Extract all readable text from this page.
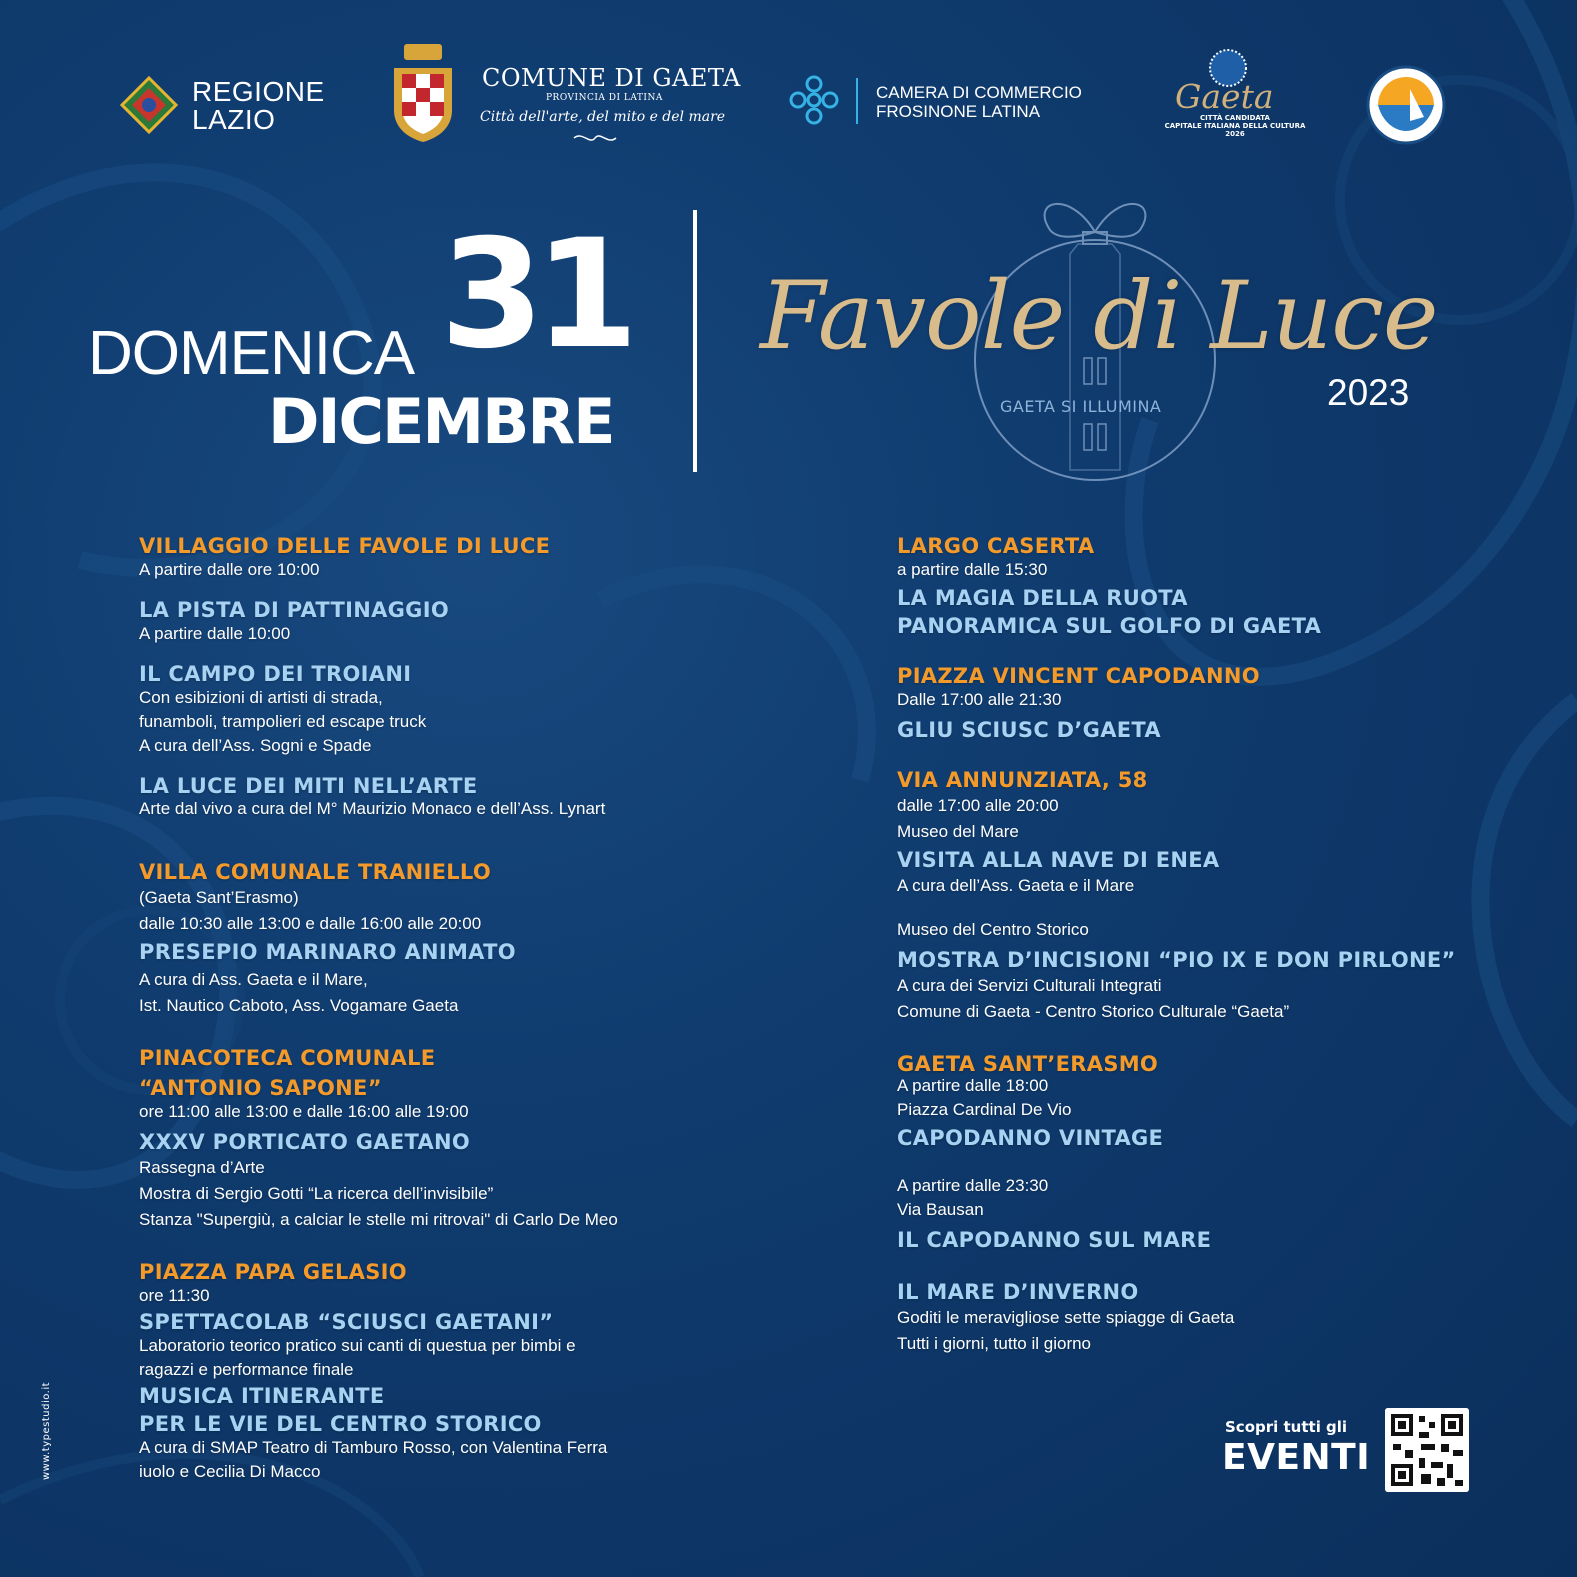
REGIONE
LAZIO
COMUNE DI GAETA
PROVINCIA DI LATINA
Città dell'arte, del mito e del mare
CAMERA DI COMMERCIO
FROSINONE LATINA	Gaeta
CITTÀ CANDIDATA
CAPITALE ITALIANA DELLA CULTURA 2026
DOMENICA 31
DICEMBRE
Favole di Luce
GAETA SI ILLUMINA	2023
VILLAGGIO DELLE FAVOLE DI LUCE
A partire dalle ore 10:00
LA PISTA DI PATTINAGGIO
A partire dalle 10:00
IL CAMPO DEI TROIANI
Con esibizioni di artisti di strada,
funamboli, trampolieri ed escape truck
A cura dell’Ass. Sogni e Spade
LA LUCE DEI MITI NELL’ARTE
Arte dal vivo a cura del M° Maurizio Monaco e dell’Ass. Lynart
VILLA COMUNALE TRANIELLO
(Gaeta Sant’Erasmo)
dalle 10:30 alle 13:00 e dalle 16:00 alle 20:00
PRESEPIO MARINARO ANIMATO
A cura di Ass. Gaeta e il Mare,
Ist. Nautico Caboto, Ass. Vogamare Gaeta
PINACOTECA COMUNALE
“ANTONIO SAPONE”
ore 11:00 alle 13:00 e dalle 16:00 alle 19:00
XXXV PORTICATO GAETANO
Rassegna d’Arte
Mostra di Sergio Gotti “La ricerca dell’invisibile”
Stanza "Supergiù, a calciar le stelle mi ritrovai" di Carlo De Meo
PIAZZA PAPA GELASIO
ore 11:30
SPETTACOLAB “SCIUSCI GAETANI”
Laboratorio teorico pratico sui canti di questua per bimbi e
ragazzi e performance finale
MUSICA ITINERANTE
PER LE VIE DEL CENTRO STORICO
A cura di SMAP Teatro di Tamburo Rosso, con Valentina Ferra
iuolo e Cecilia Di Macco
LARGO CASERTA
a partire dalle 15:30
LA MAGIA DELLA RUOTA
PANORAMICA SUL GOLFO DI GAETA
PIAZZA VINCENT CAPODANNO
Dalle 17:00 alle 21:30
GLIU SCIUSC D’GAETA
VIA ANNUNZIATA, 58
dalle 17:00 alle 20:00
Museo del Mare
VISITA ALLA NAVE DI ENEA
A cura dell’Ass. Gaeta e il Mare
Museo del Centro Storico
MOSTRA D’INCISIONI “PIO IX E DON PIRLONE”
A cura dei Servizi Culturali Integrati
Comune di Gaeta - Centro Storico Culturale “Gaeta”
GAETA SANT’ERASMO
A partire dalle 18:00
Piazza Cardinal De Vio
CAPODANNO VINTAGE
A partire dalle 23:30
Via Bausan
IL CAPODANNO SUL MARE
IL MARE D’INVERNO
Goditi le meravigliose sette spiagge di Gaeta
Tutti i giorni, tutto il giorno
Scopri tutti gli
EVENTI
www.typestudio.it
